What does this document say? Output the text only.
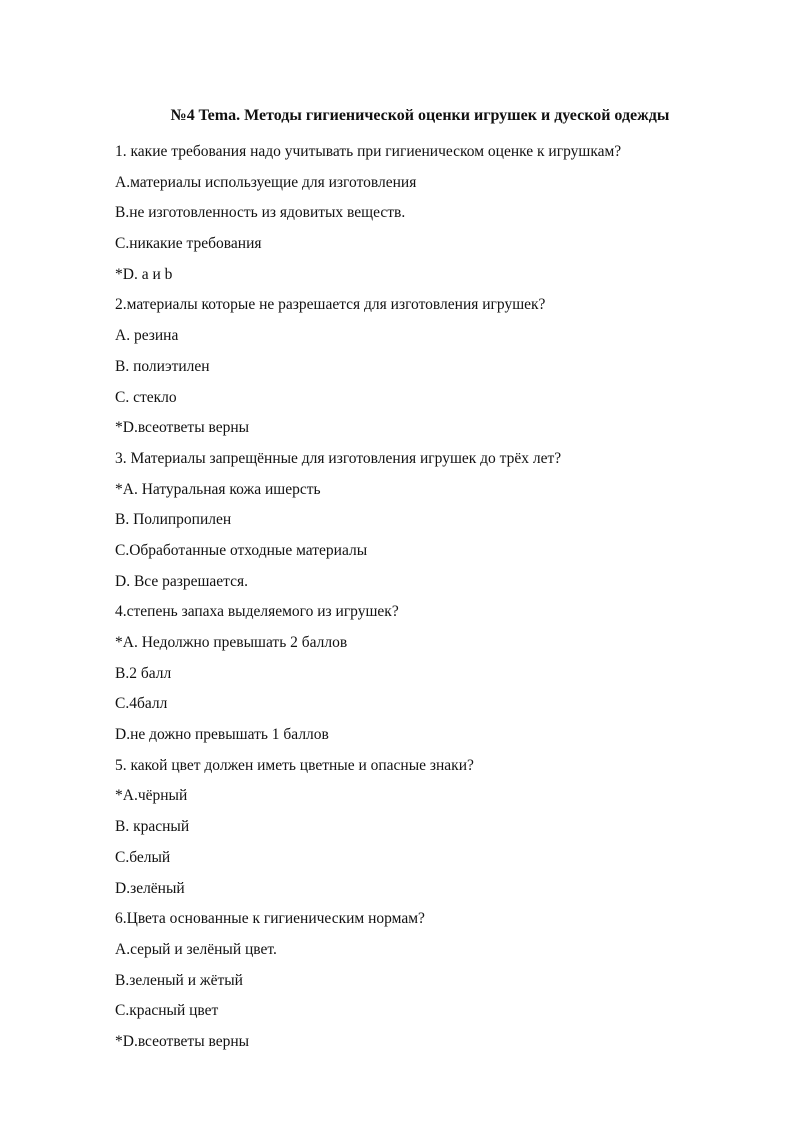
№4 Tema. Методы гигиенической оценки игрушек и дуеской одежды
1. какие требования надо учитывать при гигиеническом оценке к игрушкам?
A.материалы используещие для изготовления
B.не изготовленность из ядовитых веществ.
C.никакие требования
*D. a и b
2.материалы которые не разрешается для изготовления игрушек?
A. резина
B. полиэтилен
C. стекло
*D.всеответы верны
3. Материалы запрещённые для изготовления игрушек до трёх лет?
*A. Натуральная кожа ишерсть
B. Полипропилен
C.Обработанные отходные материалы
D. Все разрешается.
4.степень запаха выделяемого из игрушек?
*A. Недолжно превышать 2 баллов
B.2 балл
C.4балл
D.не дожно превышать 1 баллов
5. какой цвет должен иметь цветные и опасные знаки?
*A.чёрный
B. красный
C.белый
D.зелёный
6.Цвета основанные к гигиеническим нормам?
A.серый и зелёный цвет.
B.зеленый и жётый
C.красный цвет
*D.всеответы верны
